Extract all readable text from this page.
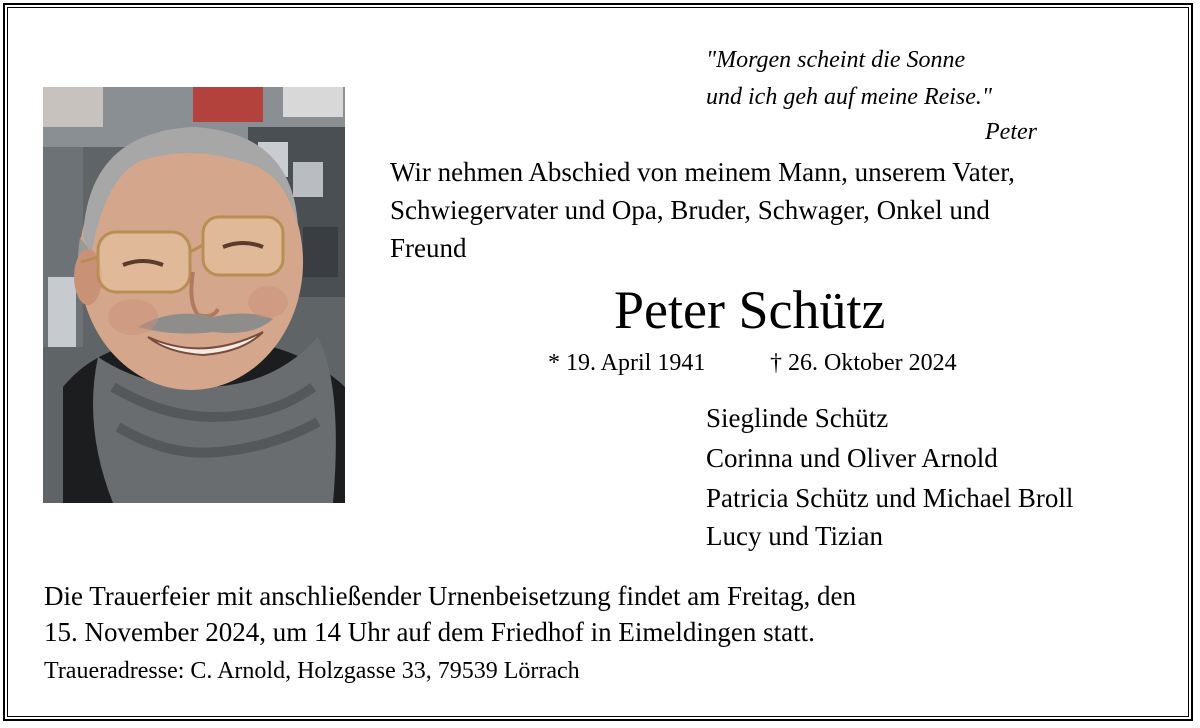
"Morgen scheint die Sonne
und ich geh auf meine Reise."
Peter
Wir nehmen Abschied von meinem Mann, unserem Vater,
Schwiegervater und Opa, Bruder, Schwager, Onkel und
Freund
Peter Schütz
* 19. April 1941	† 26. Oktober 2024
Sieglinde Schütz
Corinna und Oliver Arnold
Patricia Schütz und Michael Broll
Lucy und Tizian
Die Trauerfeier mit anschließender Urnenbeisetzung findet am Freitag, den
15. November 2024, um 14 Uhr auf dem Friedhof in Eimeldingen statt.
Traueradresse: C. Arnold, Holzgasse 33, 79539 Lörrach
